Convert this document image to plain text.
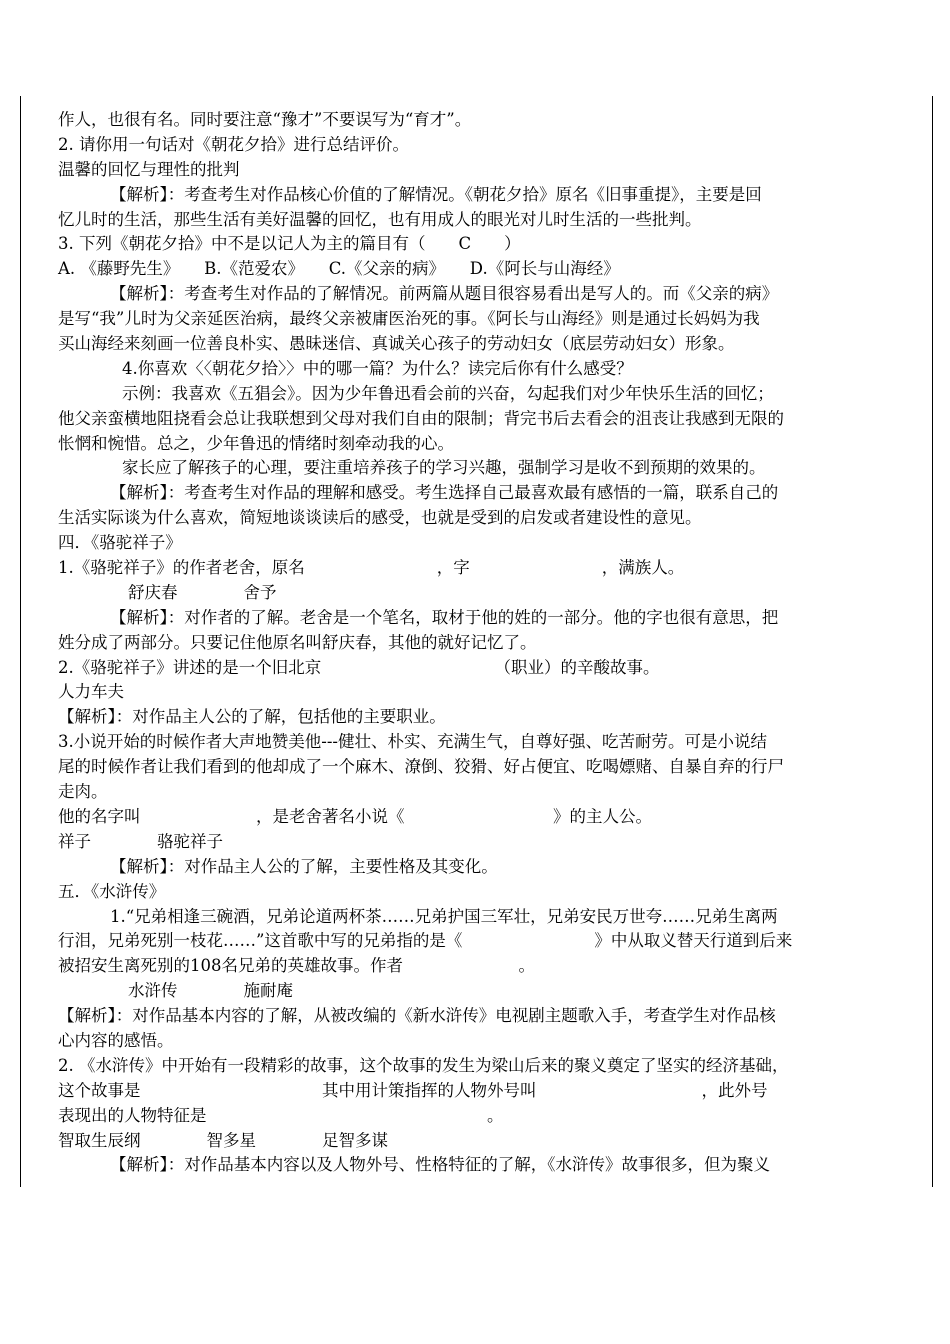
作人，也很有名。同时要注意“豫才”不要误写为“育才”。
2. 请你用一句话对《朝花夕拾》进行总结评价。
温馨的回忆与理性的批判
【解析】：考查考生对作品核心价值的了解情况。《朝花夕拾》原名《旧事重提》，主要是回
忆儿时的生活，那些生活有美好温馨的回忆，也有用成人的眼光对儿时生活的一些批判。
3. 下列《朝花夕拾》中不是以记人为主的篇目有（　　C　　）
A. 《藤野先生》　　B.《范爱农》　　C.《父亲的病》　　D.《阿长与山海经》
【解析】：考查考生对作品的了解情况。前两篇从题目很容易看出是写人的。而《父亲的病》
是写“我”儿时为父亲延医治病，最终父亲被庸医治死的事。《阿长与山海经》则是通过长妈妈为我
买山海经来刻画一位善良朴实、愚昧迷信、真诚关心孩子的劳动妇女（底层劳动妇女）形象。
4.你喜欢〈〈朝花夕拾〉〉中的哪一篇？为什么？读完后你有什么感受？
示例：我喜欢《五猖会》。因为少年鲁迅看会前的兴奋，勾起我们对少年快乐生活的回忆；
他父亲蛮横地阻挠看会总让我联想到父母对我们自由的限制；背完书后去看会的沮丧让我感到无限的
怅惘和惋惜。总之，少年鲁迅的情绪时刻牵动我的心。
家长应了解孩子的心理，要注重培养孩子的学习兴趣，强制学习是收不到预期的效果的。
【解析】：考查考生对作品的理解和感受。考生选择自己最喜欢最有感悟的一篇，联系自己的
生活实际谈为什么喜欢，简短地谈谈读后的感受，也就是受到的启发或者建设性的意见。
四．《骆驼祥子》
1.《骆驼祥子》的作者老舍，原名　　　　　　　　，字　　　　　　　　，满族人。
舒庆春　　　　舍予
【解析】：对作者的了解。老舍是一个笔名，取材于他的姓的一部分。他的字也很有意思，把
姓分成了两部分。只要记住他原名叫舒庆春，其他的就好记忆了。
2.《骆驼祥子》讲述的是一个旧北京　　　　　　　　　　　（职业）的辛酸故事。
人力车夫
【解析】：对作品主人公的了解，包括他的主要职业。
3.小说开始的时候作者大声地赞美他---健壮、朴实、充满生气，自尊好强、吃苦耐劳。可是小说结
尾的时候作者让我们看到的他却成了一个麻木、潦倒、狡猾、好占便宜、吃喝嫖赌、自暴自弃的行尸
走肉。
他的名字叫　　　　　　　，是老舍著名小说《　　　　　　　　　》的主人公。
祥子　　　　骆驼祥子
【解析】：对作品主人公的了解，主要性格及其变化。
五．《水浒传》
1.“兄弟相逢三碗酒，兄弟论道两杯茶……兄弟护国三军壮，兄弟安民万世夸……兄弟生离两
行泪，兄弟死别一枝花……”这首歌中写的兄弟指的是《　　　　　　　　》中从取义替天行道到后来
被招安生离死别的108名兄弟的英雄故事。作者　　　　　　　。
水浒传　　　　施耐庵
【解析】：对作品基本内容的了解，从被改编的《新水浒传》电视剧主题歌入手，考查学生对作品核
心内容的感悟。
2. 《水浒传》中开始有一段精彩的故事，这个故事的发生为梁山后来的聚义奠定了坚实的经济基础，
这个故事是　　　　　　　　　　　其中用计策指挥的人物外号叫　　　　　　　　　　，此外号
表现出的人物特征是　　　　　　　　　　　　　　　　　。
智取生辰纲　　　　智多星　　　　足智多谋
【解析】：对作品基本内容以及人物外号、性格特征的了解，《水浒传》故事很多，但为聚义
